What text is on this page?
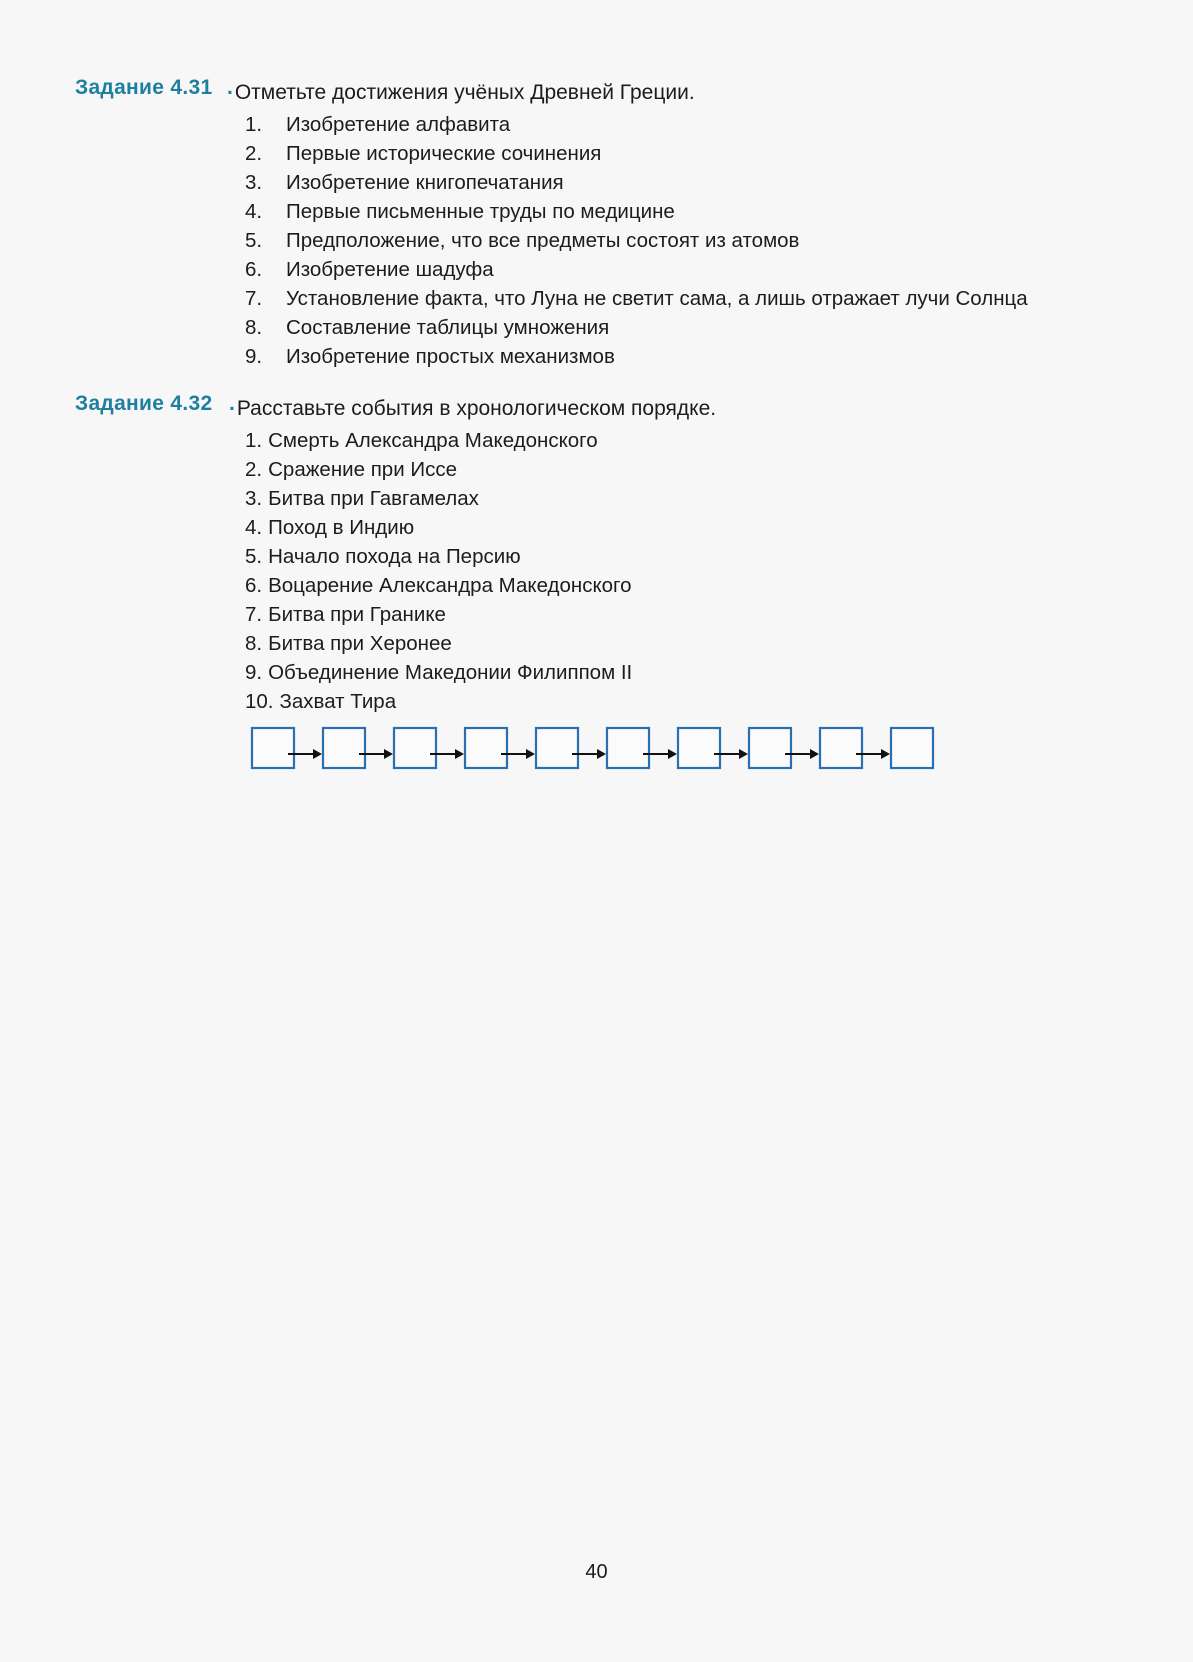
Задание 4.31 . Отметьте достижения учёных Древней Греции.
1. Изобретение алфавита
2. Первые исторические сочинения
3. Изобретение книгопечатания
4. Первые письменные труды по медицине
5. Предположение, что все предметы состоят из атомов
6. Изобретение шадуфа
7. Установление факта, что Луна не светит сама, а лишь отражает лучи Солнца
8. Составление таблицы умножения
9. Изобретение простых механизмов
Задание 4.32 . Расставьте события в хронологическом порядке.
1. Смерть Александра Македонского
2. Сражение при Иссе
3. Битва при Гавгамелах
4. Поход в Индию
5. Начало похода на Персию
6. Воцарение Александра Македонского
7. Битва при Гранике
8. Битва при Херонее
9. Объединение Македонии Филиппом II
10. Захват Тира
40
